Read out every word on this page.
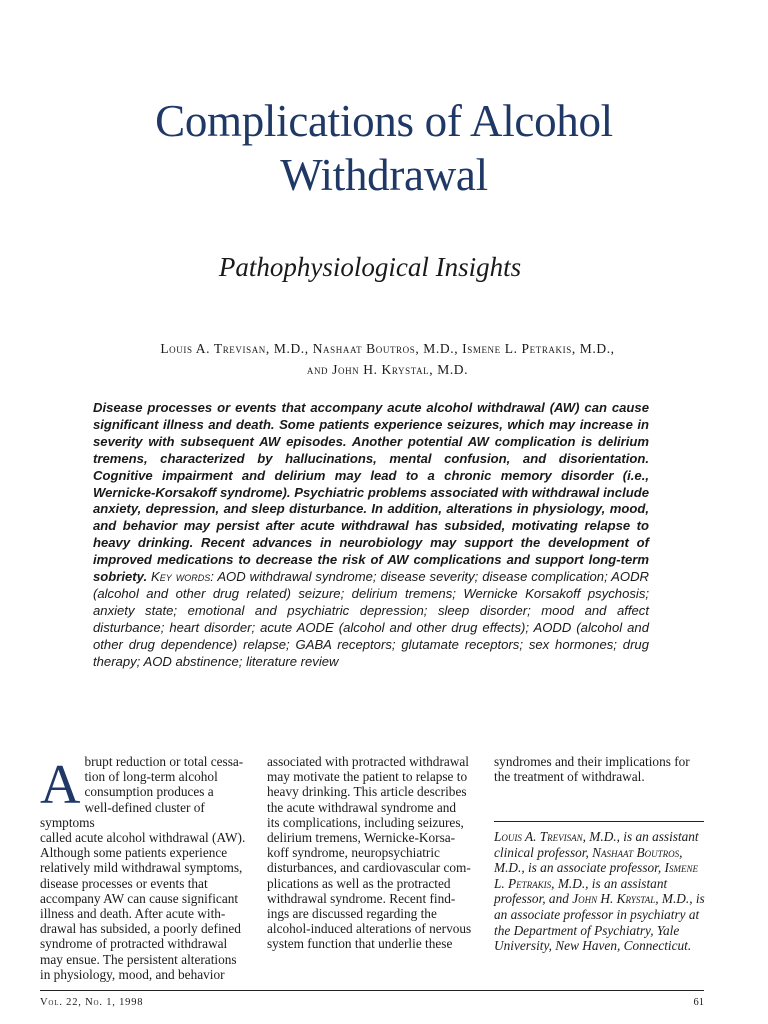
Complications of Alcohol
Withdrawal
Pathophysiological Insights

Louis A. Trevisan, M.D., Nashaat Boutros, M.D., Ismene L. Petrakis, M.D.,
and John H. Krystal, M.D.

Disease processes or events that accompany acute alcohol withdrawal (AW) can cause significant illness and death. Some patients experience seizures, which may increase in severity with subsequent AW episodes. Another potential AW complication is delirium tremens, characterized by hallucinations, mental confusion, and disorientation. Cognitive impairment and delirium may lead to a chronic memory disorder (i.e., Wernicke-Korsakoff syndrome). Psychiatric problems associated with withdrawal include anxiety, depression, and sleep disturbance. In addition, alterations in physiology, mood, and behavior may persist after acute withdrawal has subsided, motivating relapse to heavy drinking. Recent advances in neurobiology may support the development of improved medications to decrease the risk of AW complications and support long-term sobriety. Key words: AOD withdrawal syndrome; disease severity; disease complication; AODR (alcohol and other drug related) seizure; delirium tremens; Wernicke Korsakoff psychosis; anxiety state; emotional and psychiatric depression; sleep disorder; mood and affect disturbance; heart disorder; acute AODE (alcohol and other drug effects); AODD (alcohol and other drug dependence) relapse; GABA receptors; glutamate receptors; sex hormones; drug therapy; AOD abstinence; literature review

A brupt reduction or total cessa-
tion of long-term alcohol
consumption produces a
well-defined cluster of symptoms
called acute alcohol withdrawal (AW).
Although some patients experience
relatively mild withdrawal symptoms,
disease processes or events that
accompany AW can cause significant
illness and death. After acute with-
drawal has subsided, a poorly defined
syndrome of protracted withdrawal
may ensue. The persistent alterations
in physiology, mood, and behavior

associated with protracted withdrawal
may motivate the patient to relapse to
heavy drinking. This article describes
the acute withdrawal syndrome and
its complications, including seizures,
delirium tremens, Wernicke-Korsa-
koff syndrome, neuropsychiatric
disturbances, and cardiovascular com-
plications as well as the protracted
withdrawal syndrome. Recent find-
ings are discussed regarding the
alcohol-induced alterations of nervous
system function that underlie these

syndromes and their implications for
the treatment of withdrawal.

Louis A. Trevisan, M.D., is an assistant clinical professor, Nashaat Boutros, M.D., is an associate professor, Ismene L. Petrakis, M.D., is an assistant professor, and John H. Krystal, M.D., is an associate professor in psychiatry at the Department of Psychiatry, Yale University, New Haven, Connecticut.

Vol. 22, No. 1, 1998	61
